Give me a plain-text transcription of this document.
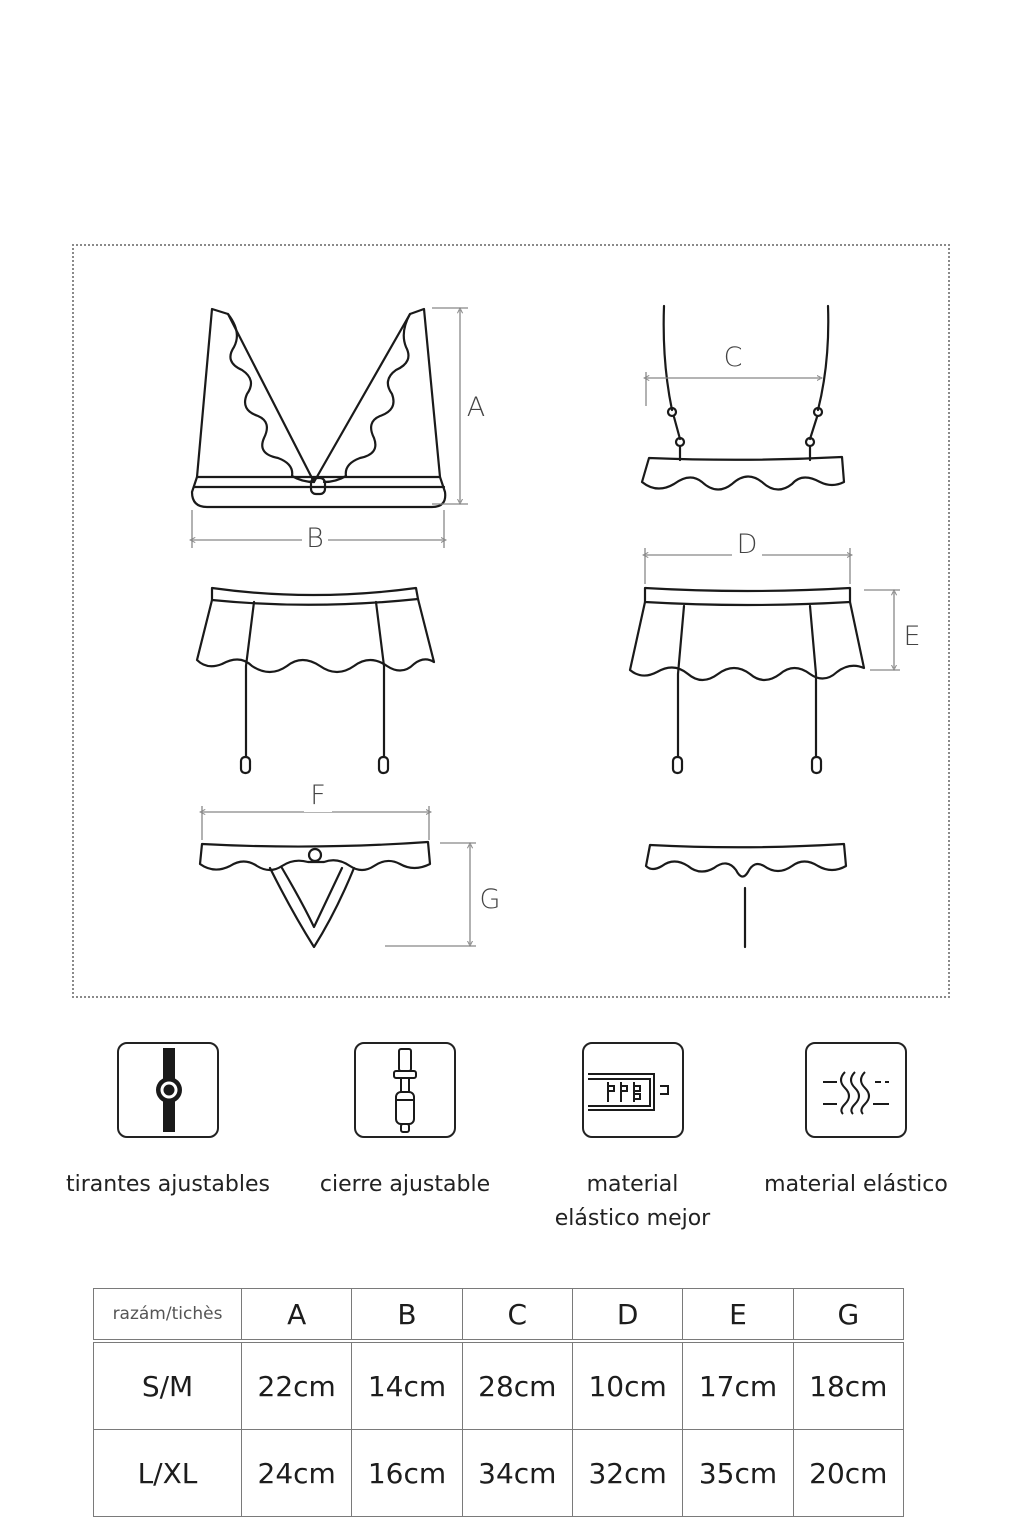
A
B
C
D
E
F
G
tirantes ajustables	cierre ajustable	material
elástico mejor
material elástico
razám/tichès	A	B	C	D	E	G
S/M	22cm	14cm	28cm	10cm	17cm	18cm
L/XL	24cm	16cm	34cm	32cm	35cm	20cm
